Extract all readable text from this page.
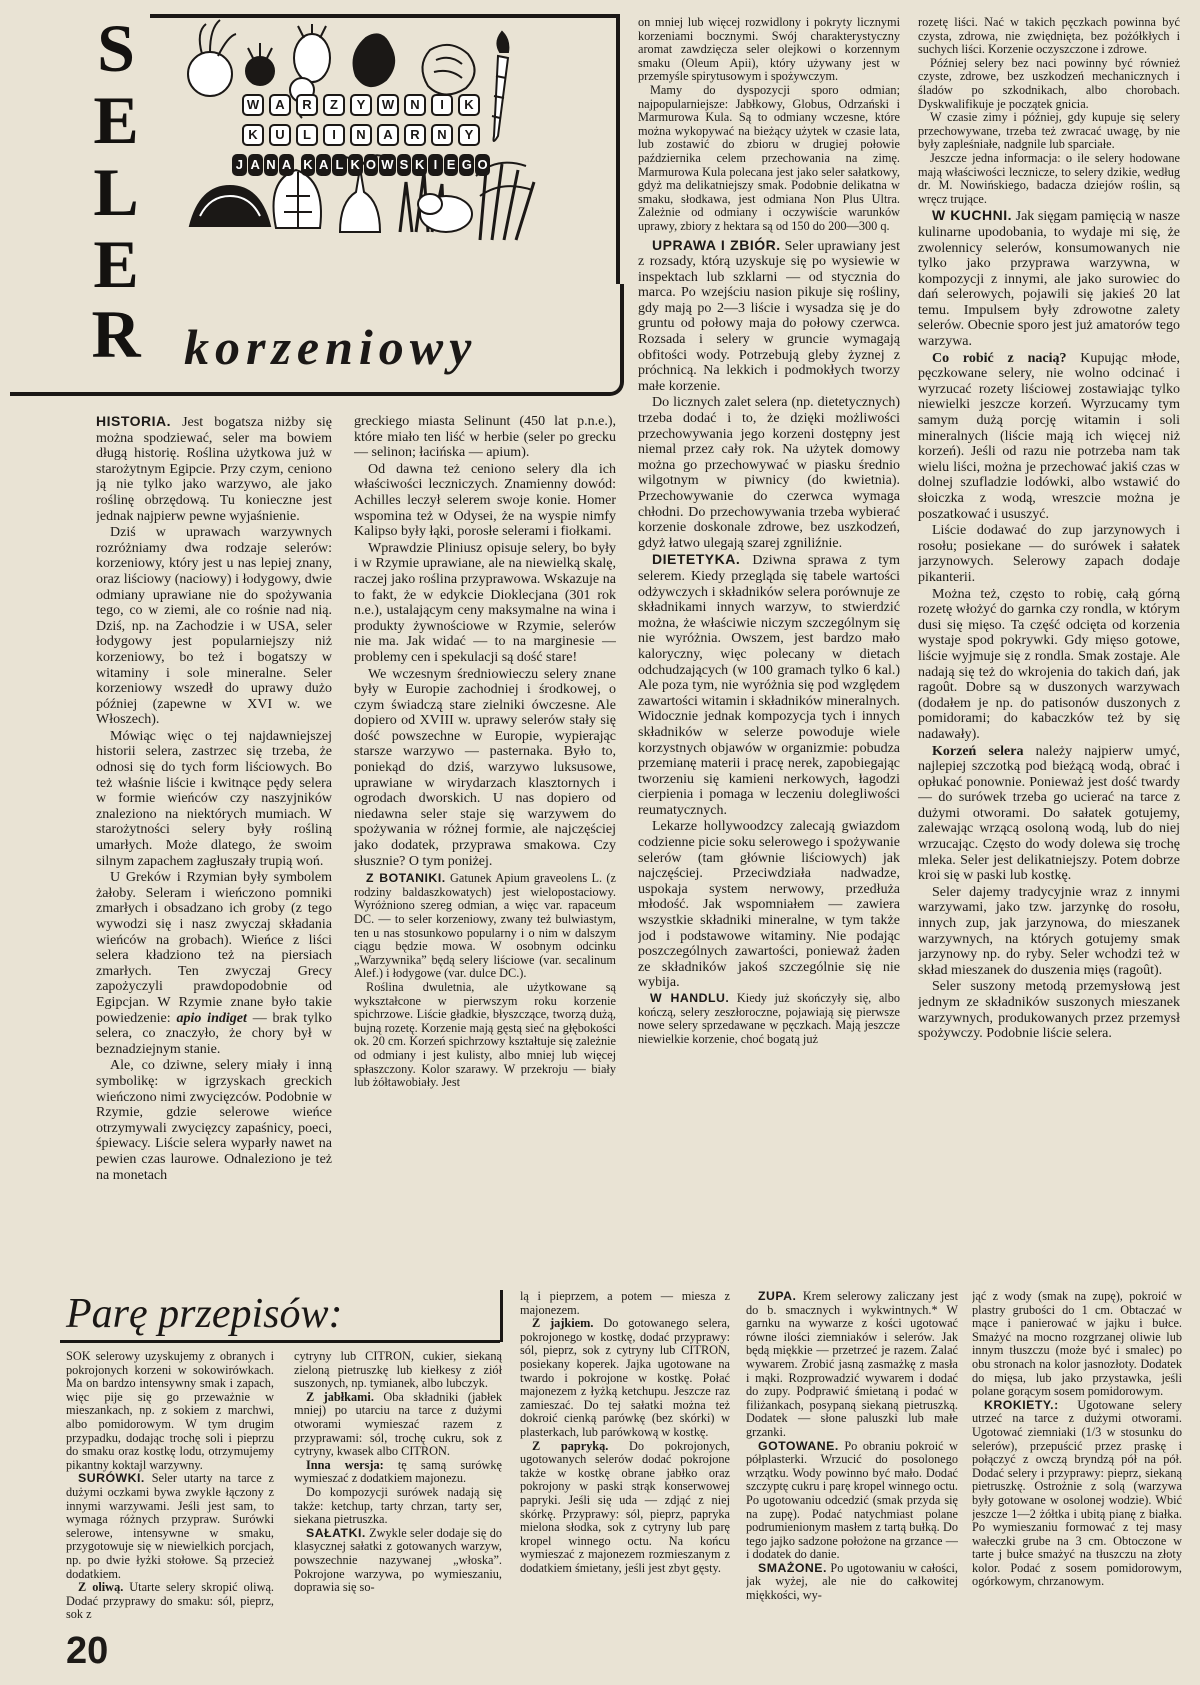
S
E
L
E
R
W	A	R	Z	Y	W	N	I	K
K	U	L	I	N	A	R	N	Y
J A N A K A L K O W S K I E G O
korzeniowy

HISTORIA. Jest bogatsza niżby się można spodziewać, seler ma bowiem długą historię. Roślina użytkowa już w starożytnym Egipcie. Przy czym, ceniono ją nie tylko jako warzywo, ale jako roślinę obrzędową. Tu konieczne jest jednak najpierw pewne wyjaśnienie.

Dziś w uprawach warzywnych rozróżniamy dwa rodzaje selerów: korzeniowy, który jest u nas lepiej znany, oraz liściowy (naciowy) i łodygowy, dwie odmiany uprawiane nie do spożywania tego, co w ziemi, ale co rośnie nad nią. Dziś, np. na Zachodzie i w USA, seler łodygowy jest popularniejszy niż korzeniowy, bo też i bogatszy w witaminy i sole mineralne. Seler korzeniowy wszedł do uprawy dużo później (zapewne w XVI w. we Włoszech).

Mówiąc więc o tej najdawniejszej historii selera, zastrzec się trzeba, że odnosi się do tych form liściowych. Bo też właśnie liście i kwitnące pędy selera w formie wieńców czy naszyjników znaleziono na niektórych mumiach. W starożytności selery były rośliną umarłych. Może dlatego, że swoim silnym zapachem zagłuszały trupią woń.

U Greków i Rzymian były symbolem żałoby. Seleram i wieńczono pomniki zmarłych i obsadzano ich groby (z tego wywodzi się i nasz zwyczaj składania wieńców na grobach). Wieńce z liści selera kładziono też na piersiach zmarłych. Ten zwyczaj Grecy zapożyczyli prawdopodobnie od Egipcjan. W Rzymie znane było takie powiedzenie: apio indiget — brak tylko selera, co znaczyło, że chory był w beznadziejnym stanie.

Ale, co dziwne, selery miały i inną symbolikę: w igrzyskach greckich wieńczono nimi zwycięzców. Podobnie w Rzymie, gdzie selerowe wieńce otrzymywali zwycięzcy zapaśnicy, poeci, śpiewacy. Liście selera wyparły nawet na pewien czas laurowe. Odnaleziono je też na monetach

greckiego miasta Selinunt (450 lat p.n.e.), które miało ten liść w herbie (seler po grecku — selinon; łacińska — apium).

Od dawna też ceniono selery dla ich właściwości leczniczych. Znamienny dowód: Achilles leczył selerem swoje konie. Homer wspomina też w Odysei, że na wyspie nimfy Kalipso były łąki, porosłe selerami i fiołkami.

Wprawdzie Pliniusz opisuje selery, bo były i w Rzymie uprawiane, ale na niewielką skalę, raczej jako roślina przyprawowa. Wskazuje na to fakt, że w edykcie Dioklecjana (301 rok n.e.), ustalającym ceny maksymalne na wina i produkty żywnościowe w Rzymie, selerów nie ma. Jak widać — to na marginesie — problemy cen i spekulacji są dość stare!

We wczesnym średniowieczu selery znane były w Europie zachodniej i środkowej, o czym świadczą stare zielniki ówczesne. Ale dopiero od XVIII w. uprawy selerów stały się dość powszechne w Europie, wypierając starsze warzywo — pasternaka. Było to, poniekąd do dziś, warzywo luksusowe, uprawiane w wirydarzach klasztornych i ogrodach dworskich. U nas dopiero od niedawna seler staje się warzywem do spożywania w różnej formie, ale najczęściej jako dodatek, przyprawa smakowa. Czy słusznie? O tym poniżej.

Z BOTANIKI. Gatunek Apium graveolens L. (z rodziny baldaszkowatych) jest wielopostaciowy. Wyróżniono szereg odmian, a więc var. rapaceum DC. — to seler korzeniowy, zwany też bulwiastym, ten u nas stosunkowo popularny i o nim w dalszym ciągu będzie mowa. W osobnym odcinku „Warzywnika” będą selery liściowe (var. secalinum Alef.) i łodygowe (var. dulce DC.).

Roślina dwuletnia, ale użytkowane są wykształcone w pierwszym roku korzenie spichrzowe. Liście gładkie, błyszczące, tworzą dużą, bujną rozetę. Korzenie mają gęstą sieć na głębokości ok. 20 cm. Korzeń spichrzowy kształtuje się zależnie od odmiany i jest kulisty, albo mniej lub więcej spłaszczony. Kolor szarawy. W przekroju — biały lub żółtawobiały. Jest

on mniej lub więcej rozwidlony i pokryty licznymi korzeniami bocznymi. Swój charakterystyczny aromat zawdzięcza seler olejkowi o korzennym smaku (Oleum Apii), który używany jest w przemyśle spirytusowym i spożywczym.

Mamy do dyspozycji sporo odmian; najpopularniejsze: Jabłkowy, Globus, Odrzański i Marmurowa Kula. Są to odmiany wczesne, które można wykopywać na bieżący użytek w czasie lata, lub zostawić do zbioru w drugiej połowie października celem przechowania na zimę. Marmurowa Kula polecana jest jako seler sałatkowy, gdyż ma delikatniejszy smak. Podobnie delikatna w smaku, słodkawa, jest odmiana Non Plus Ultra. Zależnie od odmiany i oczywiście warunków uprawy, zbiory z hektara są od 150 do 200—300 q.

UPRAWA I ZBIÓR. Seler uprawiany jest z rozsady, którą uzyskuje się po wysiewie w inspektach lub szklarni — od stycznia do marca. Po wzejściu nasion pikuje się rośliny, gdy mają po 2—3 liście i wysadza się je do gruntu od połowy maja do połowy czerwca. Rozsada i selery w gruncie wymagają obfitości wody. Potrzebują gleby żyznej z próchnicą. Na lekkich i podmokłych tworzy małe korzenie.

Do licznych zalet selera (np. dietetycznych) trzeba dodać i to, że dzięki możliwości przechowywania jego korzeni dostępny jest niemal przez cały rok. Na użytek domowy można go przechowywać w piasku średnio wilgotnym w piwnicy (do kwietnia). Przechowywanie do czerwca wymaga chłodni. Do przechowywania trzeba wybierać korzenie doskonale zdrowe, bez uszkodzeń, gdyż łatwo ulegają szarej zgniliźnie.

DIETETYKA. Dziwna sprawa z tym selerem. Kiedy przegląda się tabele wartości odżywczych i składników selera porównuje ze składnikami innych warzyw, to stwierdzić można, że właściwie niczym szczególnym się nie wyróżnia. Owszem, jest bardzo mało kaloryczny, więc polecany w dietach odchudzających (w 100 gramach tylko 6 kal.) Ale poza tym, nie wyróżnia się pod względem zawartości witamin i składników mineralnych. Widocznie jednak kompozycja tych i innych składników w selerze powoduje wiele korzystnych objawów w organizmie: pobudza przemianę materii i pracę nerek, zapobiegając tworzeniu się kamieni nerkowych, łagodzi cierpienia i pomaga w leczeniu dolegliwości reumatycznych.

Lekarze hollywoodzcy zalecają gwiazdom codzienne picie soku selerowego i spożywanie selerów (tam głównie liściowych) jak najczęściej. Przeciwdziała nadwadze, uspokaja system nerwowy, przedłuża młodość. Jak wspomniałem — zawiera wszystkie składniki mineralne, w tym także jod i podstawowe witaminy. Nie podając poszczególnych zawartości, ponieważ żaden ze składników jakoś szczególnie się nie wybija.

W HANDLU. Kiedy już skończyły się, albo kończą, selery zeszłoroczne, pojawiają się pierwsze nowe selery sprzedawane w pęczkach. Mają jeszcze niewielkie korzenie, choć bogatą już

rozetę liści. Nać w takich pęczkach powinna być czysta, zdrowa, nie zwiędnięta, bez pożółkłych i suchych liści. Korzenie oczyszczone i zdrowe.

Później selery bez naci powinny być również czyste, zdrowe, bez uszkodzeń mechanicznych i śladów po szkodnikach, albo chorobach. Dyskwalifikuje je początek gnicia.

W czasie zimy i później, gdy kupuje się selery przechowywane, trzeba też zwracać uwagę, by nie były zapleśniałe, nadgnile lub sparciałe.

Jeszcze jedna informacja: o ile selery hodowane mają właściwości lecznicze, to selery dzikie, według dr. M. Nowińskiego, badacza dziejów roślin, są wręcz trujące.

W KUCHNI. Jak sięgam pamięcią w nasze kulinarne upodobania, to wydaje mi się, że zwolennicy selerów, konsumowanych nie tylko jako przyprawa warzywna, w kompozycji z innymi, ale jako surowiec do dań selerowych, pojawili się jakieś 20 lat temu. Impulsem były zdrowotne zalety selerów. Obecnie sporo jest już amatorów tego warzywa.

Co robić z nacią? Kupując młode, pęczkowane selery, nie wolno odcinać i wyrzucać rozety liściowej zostawiając tylko niewielki jeszcze korzeń. Wyrzucamy tym samym dużą porcję witamin i soli mineralnych (liście mają ich więcej niż korzeń). Jeśli od razu nie potrzeba nam tak wielu liści, można je przechować jakiś czas w dolnej szufladzie lodówki, albo wstawić do słoiczka z wodą, wreszcie można je poszatkować i ususzyć.

Liście dodawać do zup jarzynowych i rosołu; posiekane — do surówek i sałatek jarzynowych. Selerowy zapach dodaje pikanterii.

Można też, często to robię, całą górną rozetę włożyć do garnka czy rondla, w którym dusi się mięso. Ta część odcięta od korzenia wystaje spod pokrywki. Gdy mięso gotowe, liście wyjmuje się z rondla. Smak zostaje. Ale nadają się też do wkrojenia do takich dań, jak ragoût. Dobre są w duszonych warzywach (dodałem je np. do patisonów duszonych z pomidorami; do kabaczków też by się nadawały).

Korzeń selera należy najpierw umyć, najlepiej szczotką pod bieżącą wodą, obrać i opłukać ponownie. Ponieważ jest dość twardy — do surówek trzeba go ucierać na tarce z dużymi otworami. Do sałatek gotujemy, zalewając wrzącą osoloną wodą, lub do niej wrzucając. Często do wody dolewa się trochę mleka. Seler jest delikatniejszy. Potem dobrze kroi się w paski lub kostkę.

Seler dajemy tradycyjnie wraz z innymi warzywami, jako tzw. jarzynkę do rosołu, innych zup, jak jarzynowa, do mieszanek warzywnych, na których gotujemy smak jarzynowy np. do ryby. Seler wchodzi też w skład mieszanek do duszenia mięs (ragoût).

Seler suszony metodą przemysłową jest jednym ze składników suszonych mieszanek warzywnych, produkowanych przez przemysł spożywczy. Podobnie liście selera.

Parę przepisów:

SOK selerowy uzyskujemy z obranych i pokrojonych korzeni w sokowirówkach. Ma on bardzo intensywny smak i zapach, więc pije się go przeważnie w mieszankach, np. z sokiem z marchwi, albo pomidorowym. W tym drugim przypadku, dodając trochę soli i pieprzu do smaku oraz kostkę lodu, otrzymujemy pikantny koktajl warzywny.

SURÓWKI. Seler utarty na tarce z dużymi oczkami bywa zwykle łączony z innymi warzywami. Jeśli jest sam, to wymaga różnych przypraw. Surówki selerowe, intensywne w smaku, przygotowuje się w niewielkich porcjach, np. po dwie łyżki stołowe. Są przecież dodatkiem.

Z oliwą. Utarte selery skropić oliwą. Dodać przyprawy do smaku: sól, pieprz, sok z

cytryny lub CITRON, cukier, siekaną zieloną pietruszkę lub kiełkesy z ziół suszonych, np. tymianek, albo lubczyk.

Z jabłkami. Oba składniki (jabłek mniej) po utarciu na tarce z dużymi otworami wymieszać razem z przyprawami: sól, trochę cukru, sok z cytryny, kwasek albo CITRON.

Inna wersja: tę samą surówkę wymieszać z dodatkiem majonezu.

Do kompozycji surówek nadają się także: ketchup, tarty chrzan, tarty ser, siekana pietruszka.

SAŁATKI. Zwykle seler dodaje się do klasycznej sałatki z gotowanych warzyw, powszechnie nazywanej „włoska”. Pokrojone warzywa, po wymieszaniu, doprawia się so-

lą i pieprzem, a potem — miesza z majonezem.

Z jajkiem. Do gotowanego selera, pokrojonego w kostkę, dodać przyprawy: sól, pieprz, sok z cytryny lub CITRON, posiekany koperek. Jajka ugotowane na twardo i pokrojone w kostkę. Połać majonezem z łyżką ketchupu. Jeszcze raz zamieszać. Do tej sałatki można też dokroić cienką parówkę (bez skórki) w plasterkach, lub parówkową w kostkę.

Z papryką. Do pokrojonych, ugotowanych selerów dodać pokrojone także w kostkę obrane jabłko oraz pokrojony w paski strąk konserwowej papryki. Jeśli się uda — zdjąć z niej skórkę. Przyprawy: sól, pieprz, papryka mielona słodka, sok z cytryny lub parę kropel winnego octu. Na końcu wymieszać z majonezem rozmieszanym z dodatkiem śmietany, jeśli jest zbyt gęsty.

ZUPA. Krem selerowy zaliczany jest do b. smacznych i wykwintnych.* W garnku na wywarze z kości ugotować równe ilości ziemniaków i selerów. Jak będą miękkie — przetrzeć je razem. Zalać wywarem. Zrobić jasną zasmażkę z masła i mąki. Rozprowadzić wywarem i dodać do zupy. Podprawić śmietaną i podać w filiżankach, posypaną siekaną pietruszką. Dodatek — słone paluszki lub małe grzanki.

GOTOWANE. Po obraniu pokroić w półplasterki. Wrzucić do posolonego wrzątku. Wody powinno być mało. Dodać szczyptę cukru i parę kropel winnego octu. Po ugotowaniu odcedzić (smak przyda się na zupę). Podać natychmiast polane podrumienionym masłem z tartą bułką. Do tego jajko sadzone położone na grzance — i dodatek do danie.

SMAŻONE. Po ugotowaniu w całości, jak wyżej, ale nie do całkowitej miękkości, wy-

jąć z wody (smak na zupę), pokroić w plastry grubości do 1 cm. Obtaczać w mące i panierować w jajku i bułce. Smażyć na mocno rozgrzanej oliwie lub innym tłuszczu (może być i smalec) po obu stronach na kolor jasnozłoty. Dodatek do mięsa, lub jako przystawka, jeśli polane gorącym sosem pomidorowym.

KROKIETY.: Ugotowane selery utrzeć na tarce z dużymi otworami. Ugotować ziemniaki (1/3 w stosunku do selerów), przepuścić przez praskę i połączyć z owczą bryndzą pół na pół. Dodać selery i przyprawy: pieprz, siekaną pietruszkę. Ostrożnie z solą (warzywa były gotowane w osolonej wodzie). Wbić jeszcze 1—2 żółtka i ubitą pianę z białka. Po wymieszaniu formować z tej masy wałeczki grube na 3 cm. Obtoczone w tarte j bułce smażyć na tłuszczu na złoty kolor. Podać z sosem pomidorowym, ogórkowym, chrzanowym.

20
